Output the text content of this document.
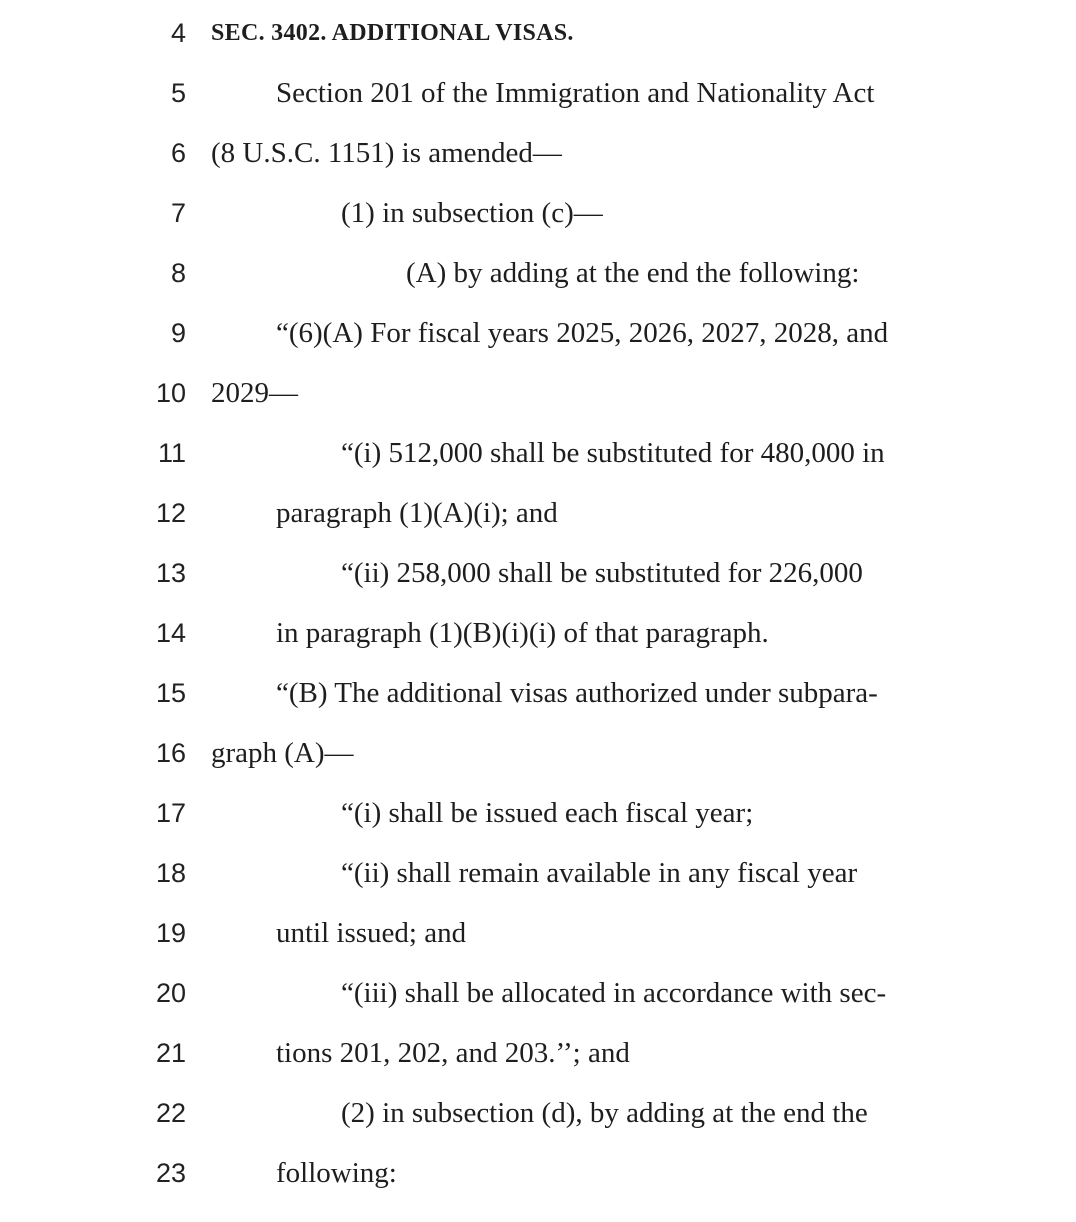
4 SEC. 3402. ADDITIONAL VISAS.
5	Section 201 of the Immigration and Nationality Act
6 (8 U.S.C. 1151) is amended—
7	(1) in subsection (c)—
8	(A) by adding at the end the following:
9	“(6)(A) For fiscal years 2025, 2026, 2027, 2028, and
10 2029—
11	“(i) 512,000 shall be substituted for 480,000 in
12	paragraph (1)(A)(i); and
13	“(ii) 258,000 shall be substituted for 226,000
14	in paragraph (1)(B)(i)(i) of that paragraph.
15	“(B) The additional visas authorized under subpara-
16 graph (A)—
17	“(i) shall be issued each fiscal year;
18	“(ii) shall remain available in any fiscal year
19	until issued; and
20	“(iii) shall be allocated in accordance with sec-
21	tions 201, 202, and 203.’’; and
22	(2) in subsection (d), by adding at the end the
23	following:
